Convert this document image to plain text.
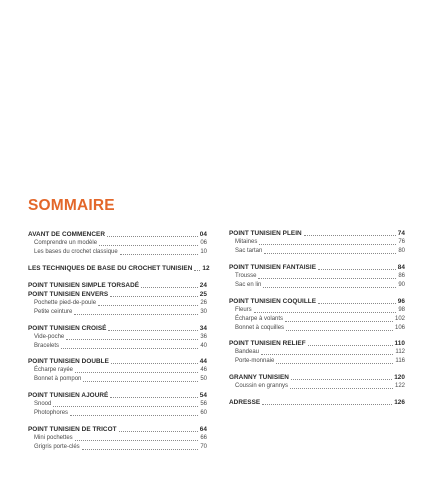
SOMMAIRE
AVANT DE COMMENCER	04
Comprendre un modèle	06
Les bases du crochet classique	10
LES TECHNIQUES DE BASE DU CROCHET TUNISIEN 12
POINT TUNISIEN SIMPLE TORSADÉ	24
POINT TUNISIEN ENVERS	25
Pochette pied-de-poule	26
Petite ceinture	30
POINT TUNISIEN CROISÉ	34
Vide-poche	36
Bracelets	40
POINT TUNISIEN DOUBLE	44
Écharpe rayée	46
Bonnet à pompon	50
POINT TUNISIEN AJOURÉ	54
Snood	56
Photophores	60
POINT TUNISIEN DE TRICOT	64
Mini pochettes	66
Grigris porte-clés	70
POINT TUNISIEN PLEIN	74
Mitaines	76
Sac tartan	80
POINT TUNISIEN FANTAISIE	84
Trousse	86
Sac en lin	90
POINT TUNISIEN COQUILLE	96
Fleurs	98
Écharpe à volants	102
Bonnet à coquilles	106
POINT TUNISIEN RELIEF	110
Bandeau	112
Porte-monnaie	116
GRANNY TUNISIEN	120
Coussin en grannys	122
ADRESSE	126
